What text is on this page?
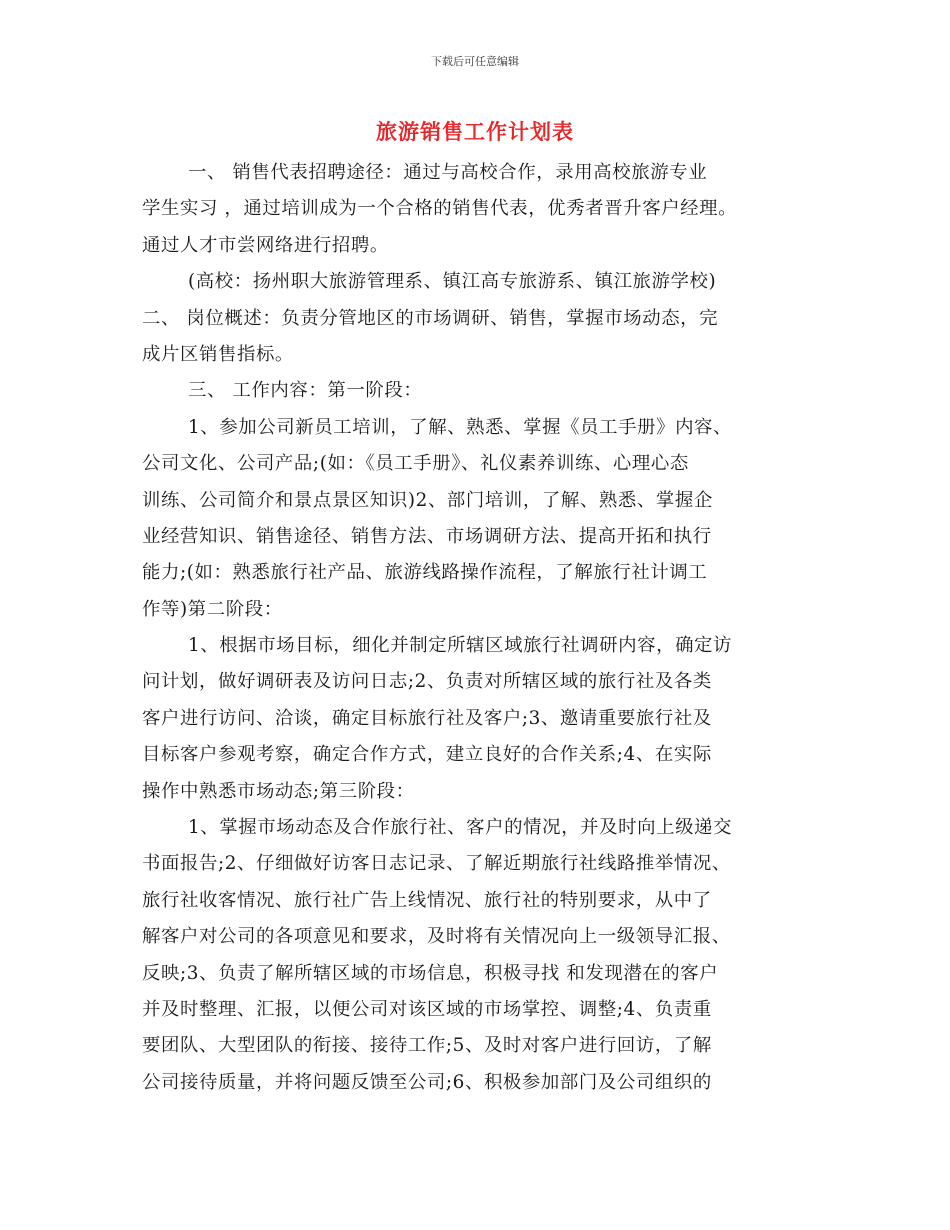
下载后可任意编辑
旅游销售工作计划表
一、 销售代表招聘途径：通过与高校合作，录用高校旅游专业
学生实习 ，通过培训成为一个合格的销售代表，优秀者晋升客户经理。
通过人才市尝网络进行招聘。
(高校：扬州职大旅游管理系、镇江高专旅游系、镇江旅游学校)
二、 岗位概述：负责分管地区的市场调研、销售，掌握市场动态，完
成片区销售指标。
三、 工作内容：第一阶段：
1、参加公司新员工培训，了解、熟悉、掌握《员工手册》内容、
公司文化、公司产品;(如：《员工手册》、礼仪素养训练、心理心态
训练、公司简介和景点景区知识)2、部门培训，了解、熟悉、掌握企
业经营知识、销售途径、销售方法、市场调研方法、提高开拓和执行
能力;(如：熟悉旅行社产品、旅游线路操作流程，了解旅行社计调工
作等)第二阶段：
1、根据市场目标，细化并制定所辖区域旅行社调研内容，确定访
问计划，做好调研表及访问日志;2、负责对所辖区域的旅行社及各类
客户进行访问、洽谈，确定目标旅行社及客户;3、邀请重要旅行社及
目标客户参观考察，确定合作方式，建立良好的合作关系;4、在实际
操作中熟悉市场动态;第三阶段：
1、掌握市场动态及合作旅行社、客户的情况，并及时向上级递交
书面报告;2、仔细做好访客日志记录、了解近期旅行社线路推举情况、
旅行社收客情况、旅行社广告上线情况、旅行社的特别要求，从中了
解客户对公司的各项意见和要求，及时将有关情况向上一级领导汇报、
反映;3、负责了解所辖区域的市场信息，积极寻找 和发现潜在的客户
并及时整理、汇报，以便公司对该区域的市场掌控、调整;4、负责重
要团队、大型团队的衔接、接待工作;5、及时对客户进行回访，了解
公司接待质量，并将问题反馈至公司;6、积极参加部门及公司组织的
